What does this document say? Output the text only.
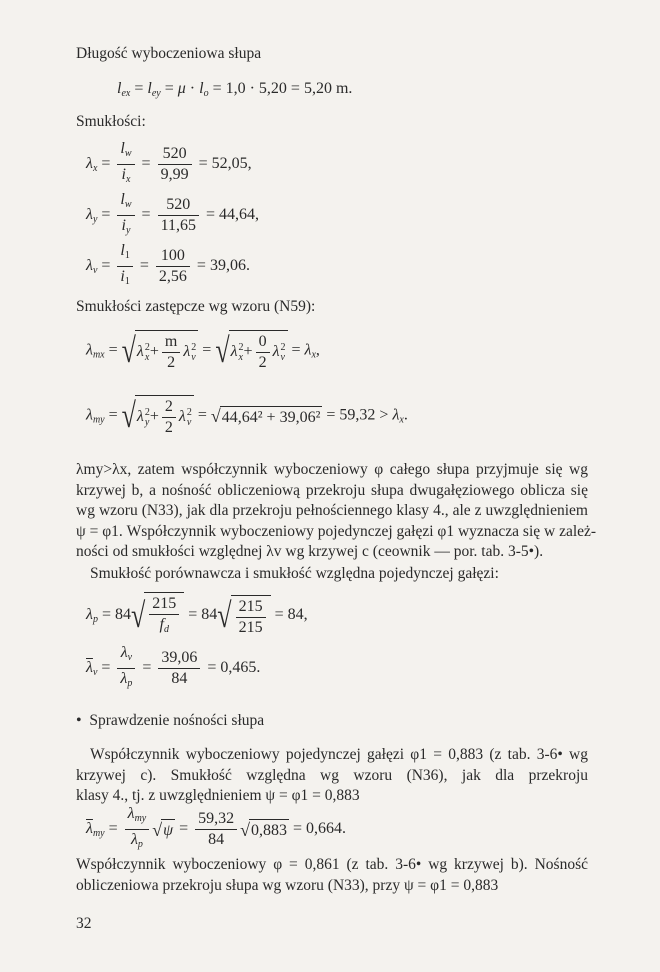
Długość wyboczeniowa słupa
$l_{ex} = l_{ey} = \mu \cdot l_o = 1,0 \cdot 5,20 = 5,20$ m.
Smukłości:
$\lambda_x = \frac{l_w}{i_x} = \frac{520}{9,99} = 52,05$,
$\lambda_y = \frac{l_w}{i_y} = \frac{520}{11,65} = 44,64$,
$\lambda_v = \frac{l_1}{i_1} = \frac{100}{2,56} = 39,06$.
Smukłości zastępcze wg wzoru (N59):
$\lambda_{mx} = √\lambda 2$
$x+ \frac{m}{2} \lambda 2$
v = √λ2
$x+ \frac{0}{2} \lambda 2$
$v = \lambda_x$,
$\lambda_{my} = √\lambda 2$
$y+ \frac{2}{2} \lambda 2$
$v = √44,64^2 + 39,06^2 = 59,32 > \lambda_x$.
λmy>λx, zatem współczynnik wyboczeniowy φ całego słupa przyjmuje się wg
krzywej b, a nośność obliczeniową przekroju słupa dwugałęziowego oblicza się
wg wzoru (N33), jak dla przekroju pełnościennego klasy 4., ale z uwzględnieniem
ψ = φ1. Współczynnik wyboczeniowy pojedynczej gałęzi φ1 wyznacza się w zależ-
ności od smukłości względnej λv wg krzywej c (ceownik — por. tab. 3-5•).
Smukłość porównawcza i smukłość względna pojedynczej gałęzi:
$\lambda_p = 84√ \frac{215}{f_d} = 84√ \frac{215}{215} = 84$,
$\overline{\lambda}_v = \frac{\lambda_v}{\lambda_p} = \frac{39,06}{84} = 0,465$.
• Sprawdzenie nośności słupa
Współczynnik wyboczeniowy pojedynczej gałęzi φ1 = 0,883 (z tab. 3-6• wg
krzywej c). Smukłość względna wg wzoru (N36), jak dla przekroju
klasy 4., tj. z uwzględnieniem ψ = φ1 = 0,883
$\overline{\lambda}_{my} = \frac{\lambda_{my}}{\lambda_p} √\psi = \frac{59,32}{84} √0,883 = 0,664$.
Współczynnik wyboczeniowy φ = 0,861 (z tab. 3-6• wg krzywej b). Nośność
obliczeniowa przekroju słupa wg wzoru (N33), przy ψ = φ1 = 0,883
32
